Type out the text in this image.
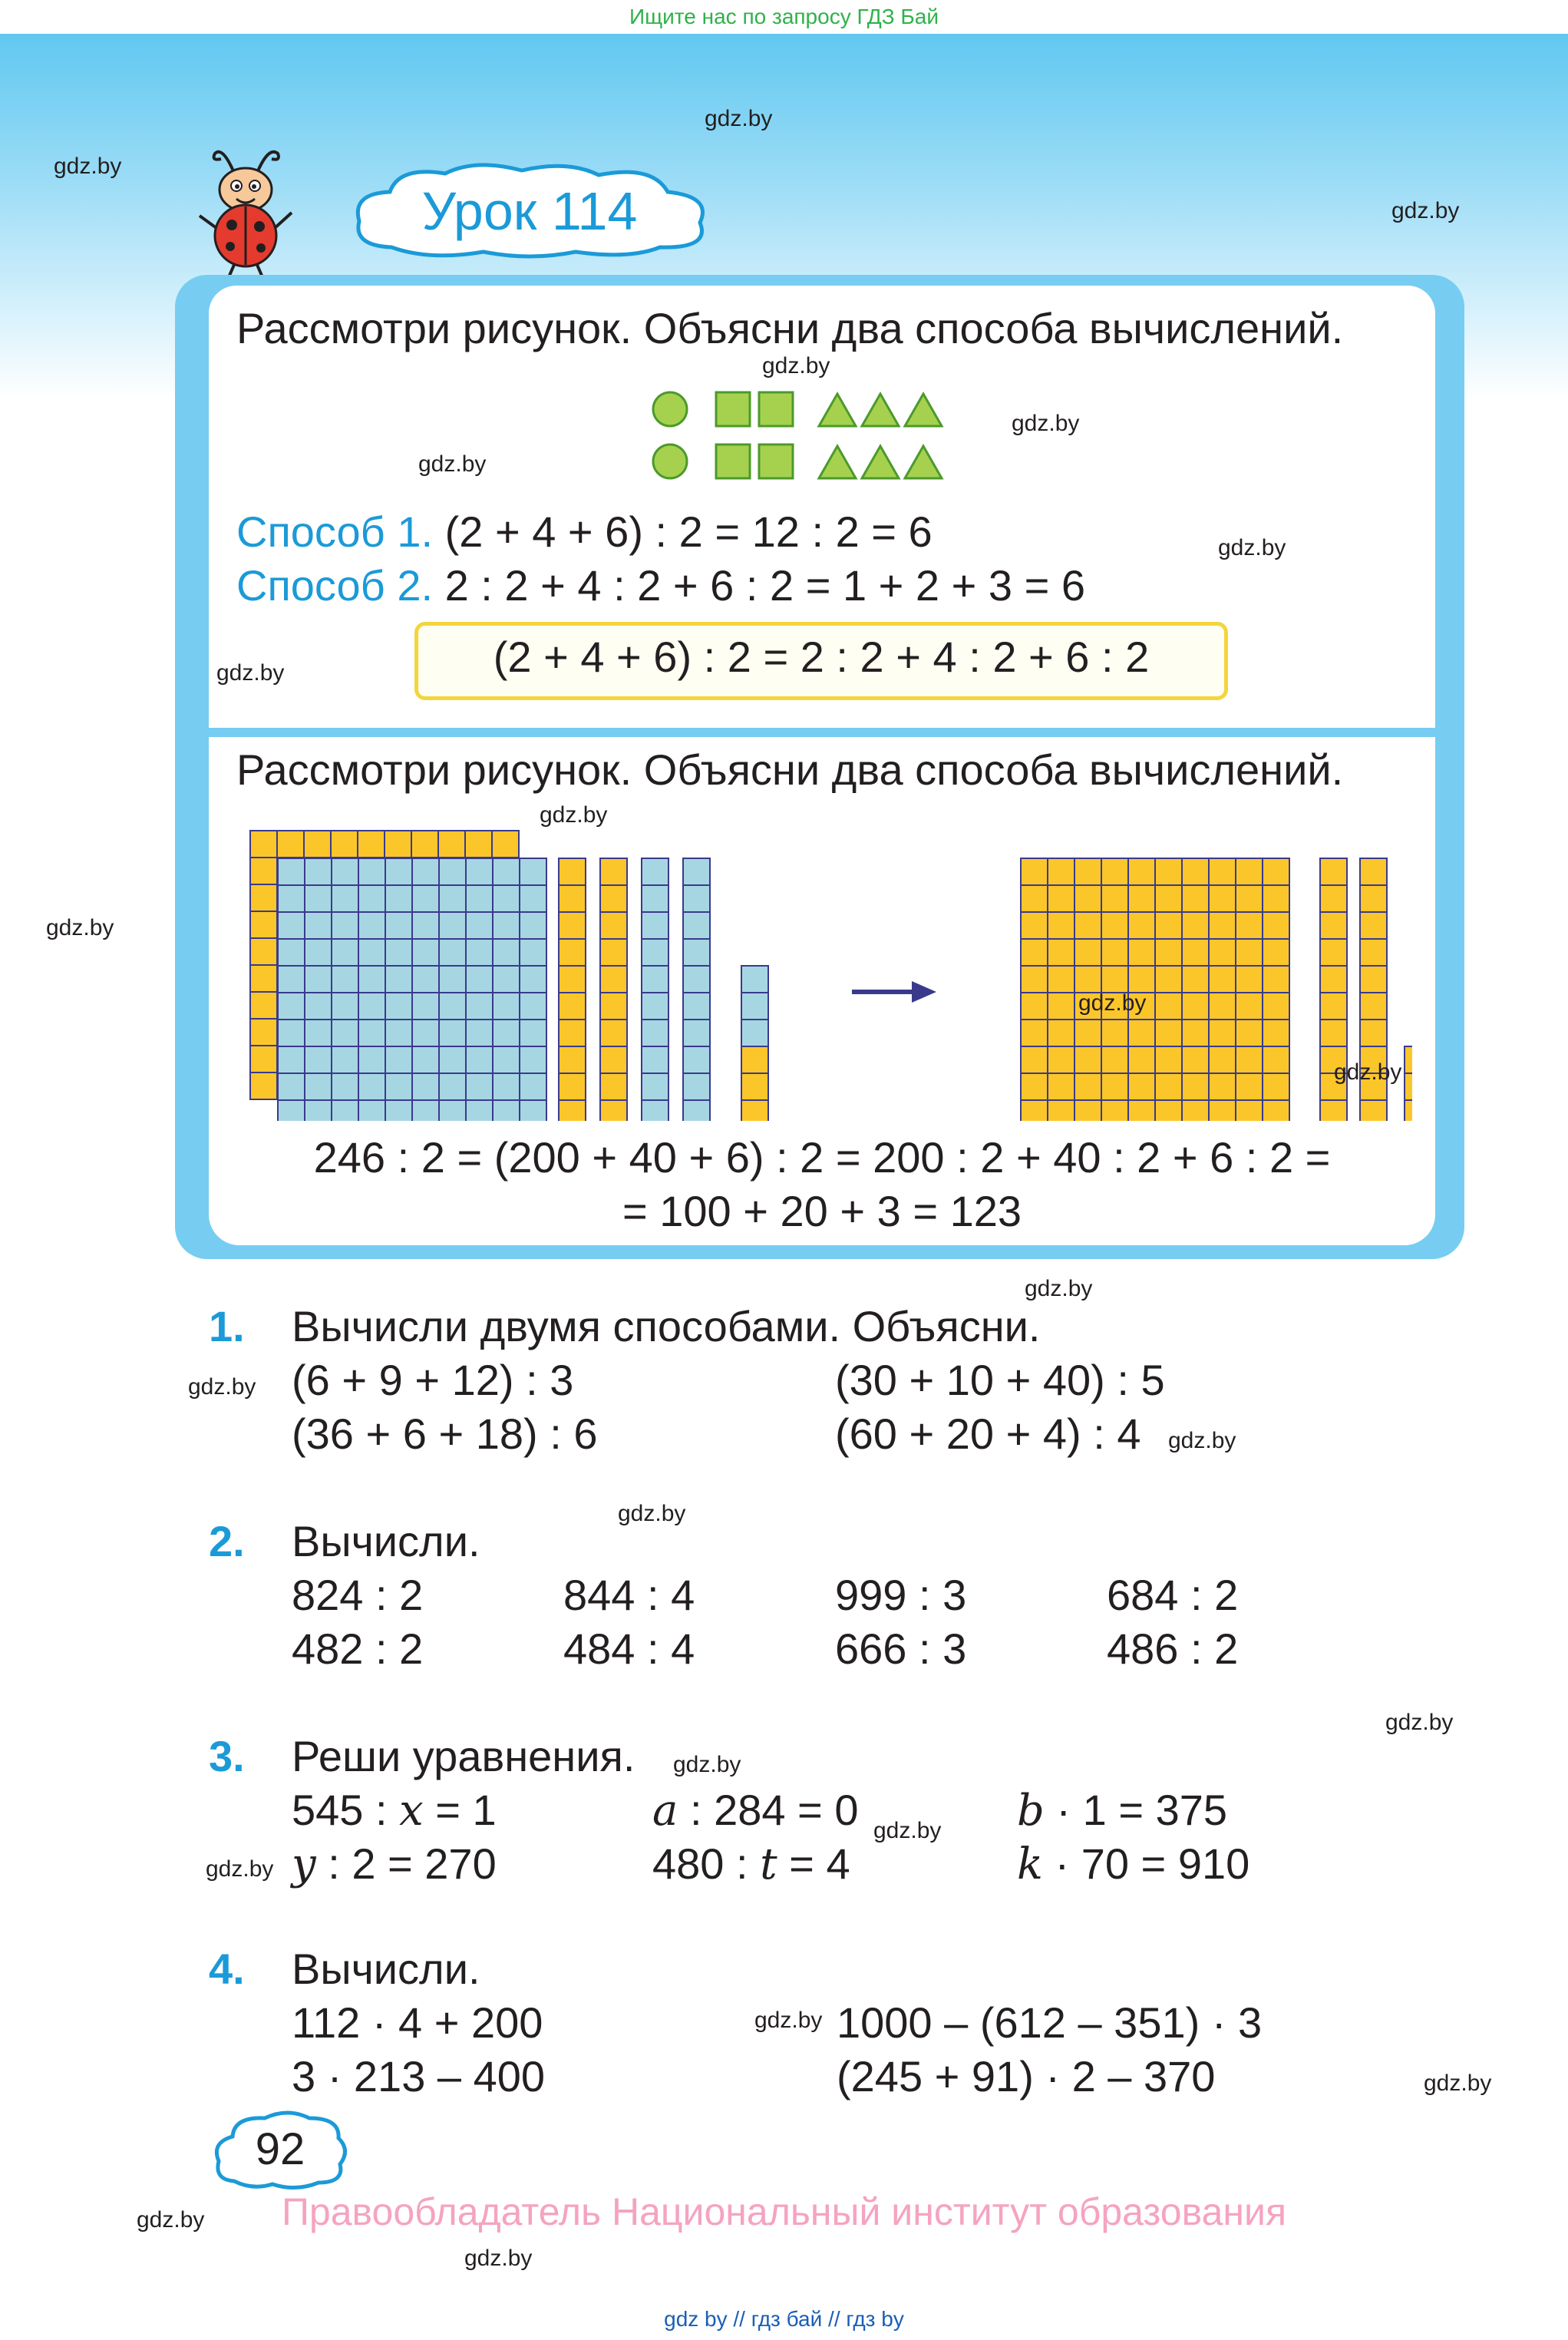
Ищите нас по запросу ГДЗ Бай
Урок 114
Рассмотри рисунок. Объясни два способа вычислений.
Способ 1. (2 + 4 + 6) : 2 = 12 : 2 = 6
Способ 2. 2 : 2 + 4 : 2 + 6 : 2 = 1 + 2 + 3 = 6
(2 + 4 + 6) : 2 = 2 : 2 + 4 : 2 + 6 : 2
Рассмотри рисунок. Объясни два способа вычислений.
246 : 2 = (200 + 40 + 6) : 2 = 200 : 2 + 40 : 2 + 6 : 2 =
= 100 + 20 + 3 = 123
1. Вычисли двумя способами. Объясни.
(6 + 9 + 12) : 3	(30 + 10 + 40) : 5
(36 + 6 + 18) : 6	(60 + 20 + 4) : 4
2. Вычисли.
824 : 2	844 : 4	999 : 3	684 : 2
482 : 2	484 : 4	666 : 3	486 : 2
3. Реши уравнения.
545 : x = 1	a : 284 = 0	b · 1 = 375
y : 2 = 270	480 : t = 4	k · 70 = 910
4. Вычисли.
112 · 4 + 200	1000 – (612 – 351) · 3
3 · 213 – 400	(245 + 91) · 2 – 370
92
Правообладатель Национальный институт образования
gdz by // гдз бай // гдз by
gdz.by
gdz.by
gdz.by
gdz.by
gdz.by
gdz.by
gdz.by
gdz.by
gdz.by
gdz.by
gdz.by
gdz.by
gdz.by
gdz.by
gdz.by
gdz.by
gdz.by
gdz.by
gdz.by
gdz.by
gdz.by
gdz.by
gdz.by
gdz.by
